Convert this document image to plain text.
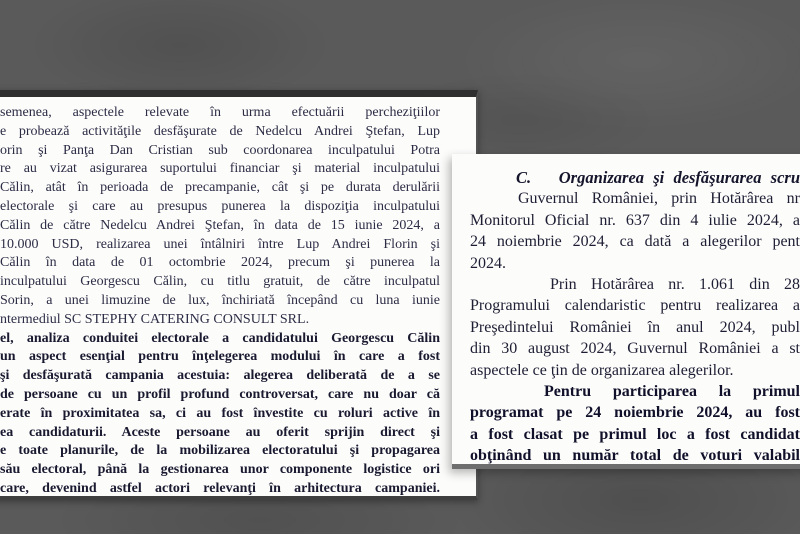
semenea, aspectele relevate în urma efectuării percheziţiilor
e probează activităţile desfăşurate de Nedelcu Andrei Ştefan, Lup
orin şi Panţa Dan Cristian sub coordonarea inculpatului Potra
re au vizat asigurarea suportului financiar şi material inculpatului
Călin, atât în perioada de precampanie, cât şi pe durata derulării
electorale şi care au presupus punerea la dispoziţia inculpatului
Călin de către Nedelcu Andrei Ştefan, în data de 15 iunie 2024, a
10.000 USD, realizarea unei întâlniri între Lup Andrei Florin şi
Călin în data de 01 octombrie 2024, precum şi punerea la
inculpatului Georgescu Călin, cu titlu gratuit, de către inculpatul
Sorin, a unei limuzine de lux, închiriată începând cu luna iunie
ntermediul SC STEPHY CATERING CONSULT SRL.
el, analiza conduitei electorale a candidatului Georgescu Călin
un aspect esenţial pentru înţelegerea modului în care a fost
şi desfăşurată campania acestuia: alegerea deliberată de a se
de persoane cu un profil profund controversat, care nu doar că
erate în proximitatea sa, ci au fost învestite cu roluri active în
ea candidaturii. Aceste persoane au oferit sprijin direct şi
e toate planurile, de la mobilizarea electoratului şi propagarea
său electoral, până la gestionarea unor componente logistice ori
care, devenind astfel actori relevanţi în arhitectura campaniei.
C.   Organizarea şi desfăşurarea scru
Guvernul României, prin Hotărârea nr
Monitorul Oficial nr. 637 din 4 iulie 2024, a
24 noiembrie 2024, ca dată a alegerilor pent
2024.
Prin Hotărârea nr. 1.061 din 28
Programului calendaristic pentru realizarea a
Preşedintelui României în anul 2024, publ
din 30 august 2024, Guvernul României a st
aspectele ce ţin de organizarea alegerilor.
Pentru participarea la primul
programat pe 24 noiembrie 2024, au fost
a fost clasat pe primul loc a fost candidat
obţinând un număr total de voturi valabil
